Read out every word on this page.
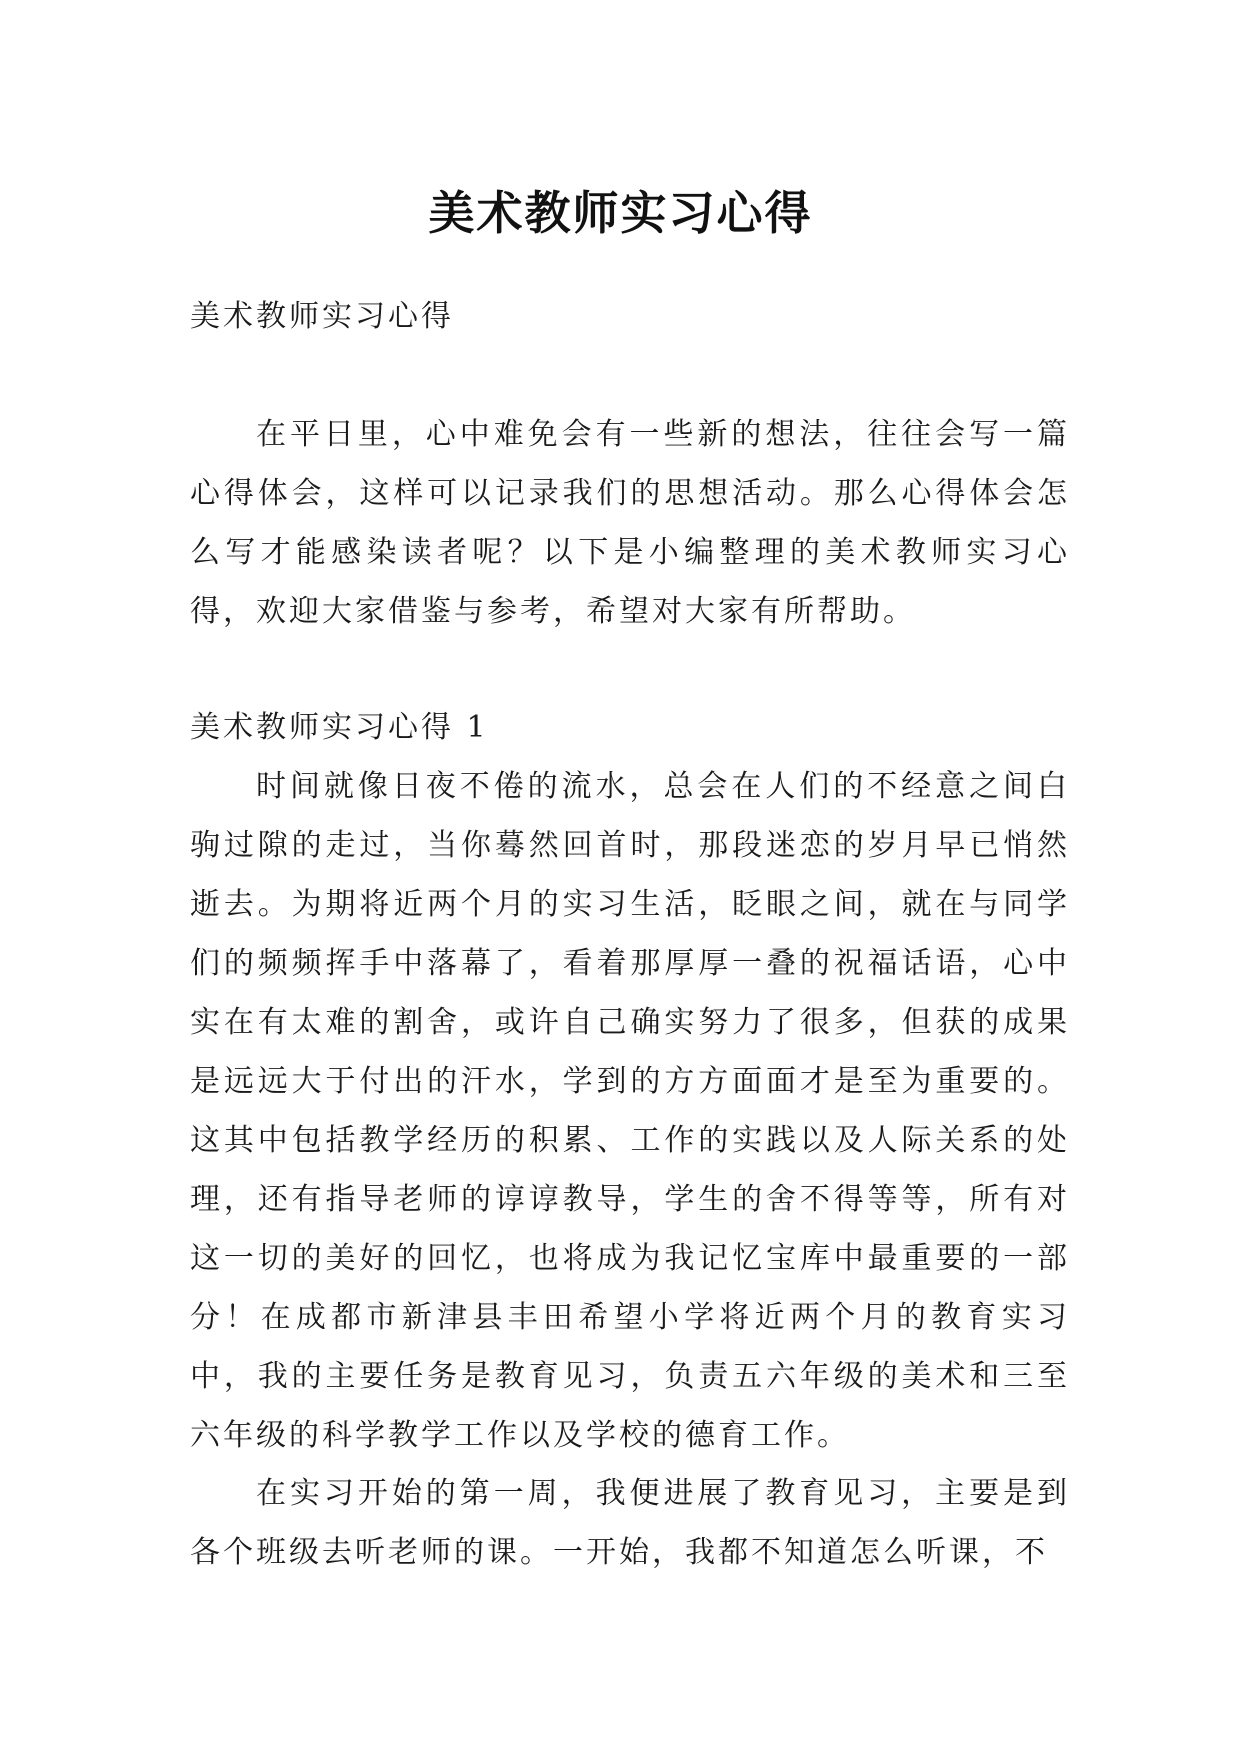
美术教师实习心得

美术教师实习心得

在平日里，心中难免会有一些新的想法，往往会写一篇心得体会，这样可以记录我们的思想活动。那么心得体会怎么写才能感染读者呢？以下是小编整理的美术教师实习心得，欢迎大家借鉴与参考，希望对大家有所帮助。

美术教师实习心得 1

时间就像日夜不倦的流水，总会在人们的不经意之间白驹过隙的走过，当你蓦然回首时，那段迷恋的岁月早已悄然逝去。为期将近两个月的实习生活，眨眼之间，就在与同学们的频频挥手中落幕了，看着那厚厚一叠的祝福话语，心中实在有太难的割舍，或许自己确实努力了很多，但获的成果是远远大于付出的汗水，学到的方方面面才是至为重要的。这其中包括教学经历的积累、工作的实践以及人际关系的处理，还有指导老师的谆谆教导，学生的舍不得等等，所有对这一切的美好的回忆，也将成为我记忆宝库中最重要的一部分！在成都市新津县丰田希望小学将近两个月的教育实习中，我的主要任务是教育见习，负责五六年级的美术和三至六年级的科学教学工作以及学校的德育工作。

在实习开始的第一周，我便进展了教育见习，主要是到各个班级去听老师的课。一开始，我都不知道怎么听课，不
